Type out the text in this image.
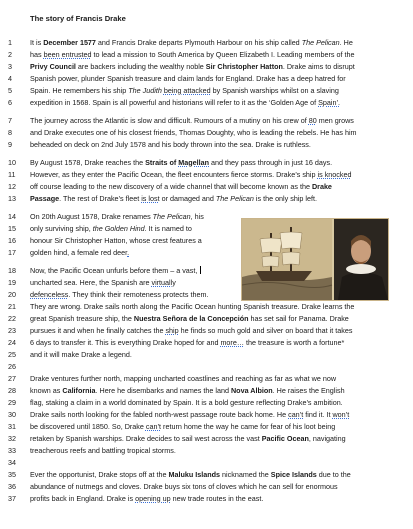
The story of Francis Drake
1	It is December 1577 and Francis Drake departs Plymouth Harbour on his ship called The Pelican. He
2	has been entrusted to lead a mission to South America by Queen Elizabeth I. Leading members of the
3	Privy Council are backers including the wealthy noble Sir Christopher Hatton. Drake aims to disrupt
4	Spanish power, plunder Spanish treasure and claim lands for England. Drake has a deep hatred for
5	Spain. He remembers his ship The Judith being attacked by Spanish warships whilst on a slaving
6	expedition in 1568. Spain is all powerful and historians will refer to it as the ‘Golden Age of Spain’.
7	The journey across the Atlantic is slow and difficult. Rumours of a mutiny on his crew of 80 men grows
8	and Drake executes one of his closest friends, Thomas Doughty, who is leading the rebels. He has him
9	beheaded on deck on 2nd July 1578 and his body thrown into the sea. Drake is ruthless.
10	By August 1578, Drake reaches the Straits of Magellan and they pass through in just 16 days.
11	However, as they enter the Pacific Ocean, the fleet encounters fierce storms. Drake’s ship is knocked
12	off course leading to the new discovery of a wide channel that will become known as the Drake
13	Passage. The rest of Drake’s fleet is lost or damaged and The Pelican is the only ship left.
14	On 20th August 1578, Drake renames The Pelican, his
15	only surviving ship, the Golden Hind. It is named to
16	honour Sir Christopher Hatton, whose crest features a
17	golden hind, a female red deer.
18	Now, the Pacific Ocean unfurls before them – a vast,
19	uncharted sea. Here, the Spanish are virtually
20	defenceless. They think their remoteness protects them.
21	They are wrong. Drake sails north along the Pacific Ocean hunting Spanish treasure. Drake learns the
22	great Spanish treasure ship, the Nuestra Señora de la Concepción has set sail for Panama. Drake
23	pursues it and when he finally catches the ship he finds so much gold and silver on board that it takes
24	6 days to transfer it. This is everything Drake hoped for and more… the treasure is worth a fortune*
25	and it will make Drake a legend.
26
27	Drake ventures further north, mapping uncharted coastlines and reaching as far as what we now
28	known as California. Here he disembarks and names the land Nova Albion. He raises the English
29	flag, staking a claim in a world dominated by Spain. It is a bold gesture reflecting Drake’s ambition.
30	Drake sails north looking for the fabled north-west passage route back home. He can’t find it. It won’t
31	be discovered until 1850. So, Drake can’t return home the way he came for fear of his loot being
32	retaken by Spanish warships. Drake decides to sail west across the vast Pacific Ocean, navigating
33	treacherous reefs and battling tropical storms.
34
35	Ever the opportunist, Drake stops off at the Maluku Islands nicknamed the Spice Islands due to the
36	abundance of nutmegs and cloves. Drake buys six tons of cloves which he can sell for enormous
37	profits back in England. Drake is opening up new trade routes in the east.
